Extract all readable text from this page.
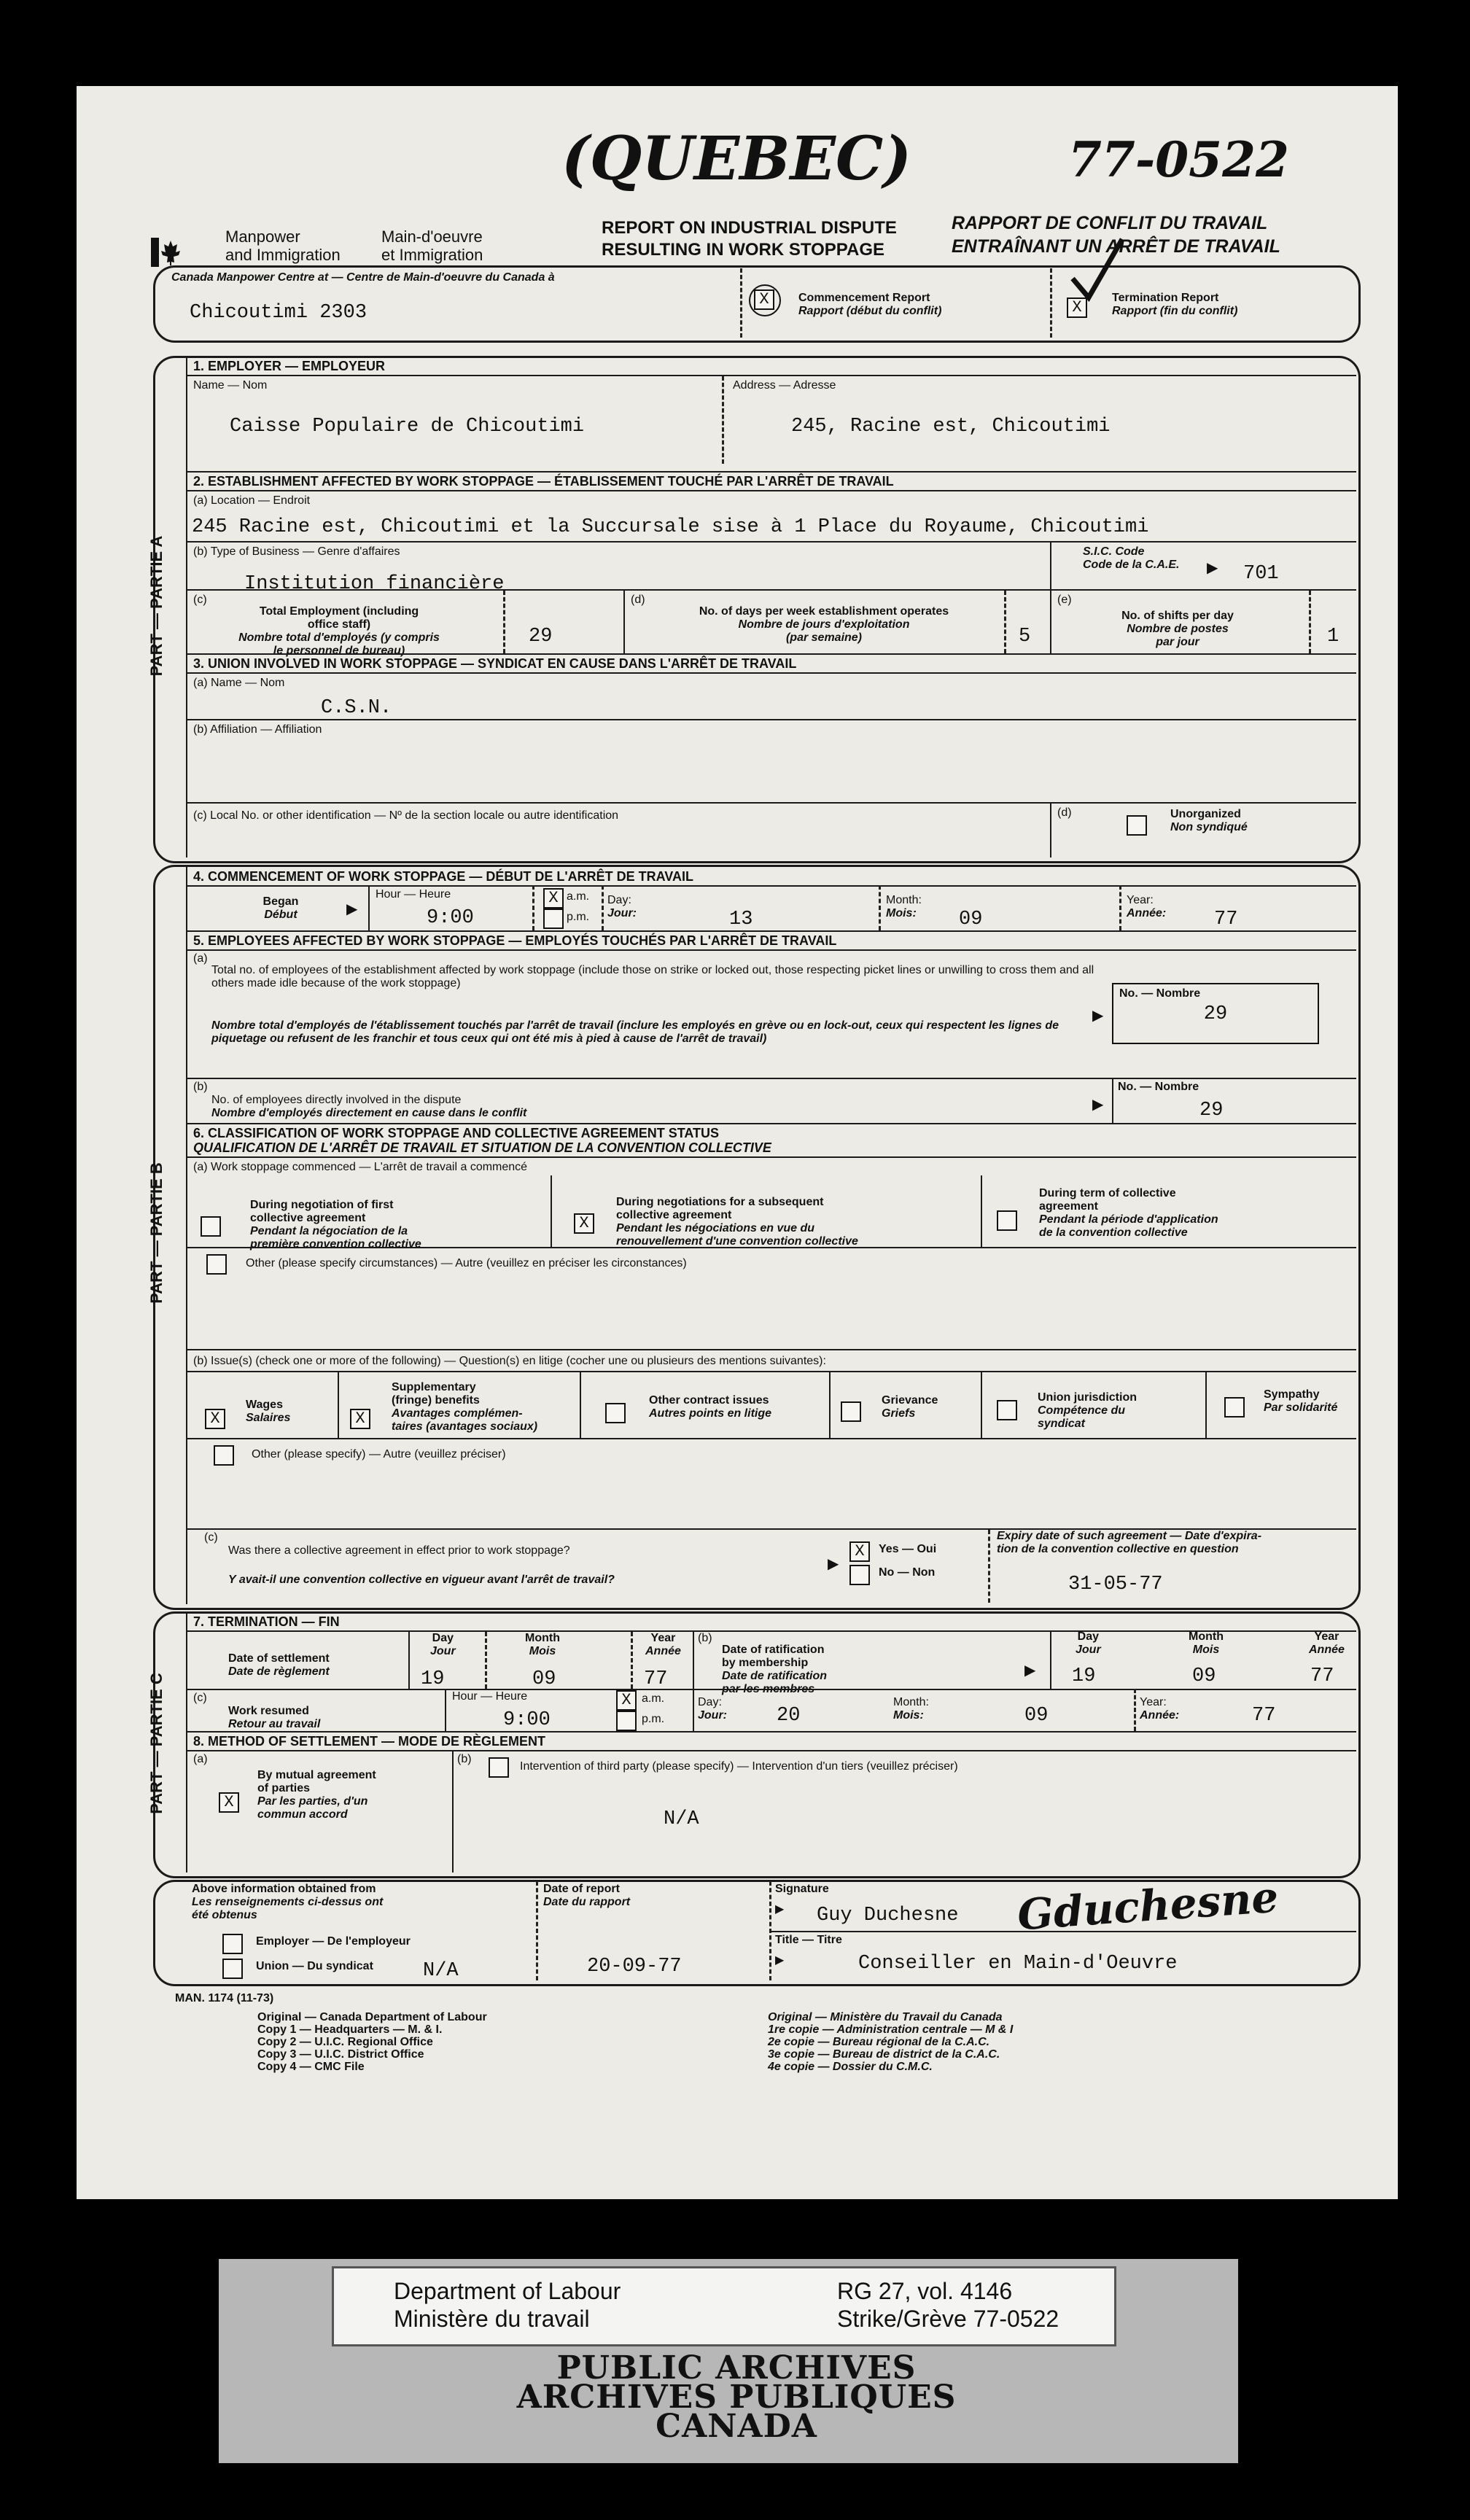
(QUEBEC)	77-0522
Manpower
and Immigration
Main-d'oeuvre
et Immigration
REPORT ON INDUSTRIAL DISPUTE
RESULTING IN WORK STOPPAGE
RAPPORT DE CONFLIT DU TRAVAIL
ENTRAÎNANT UN ARRÊT DE TRAVAIL
Canada Manpower Centre at — Centre de Main-d'oeuvre du Canada à
Chicoutimi 2303
X	Commencement Report
Rapport (début du conflit)	X
Termination Report
Rapport (fin du conflit)
PART — PARTIE A
1. EMPLOYER — EMPLOYEUR
Name — Nom
Caisse Populaire de Chicoutimi
Address — Adresse
245, Racine est, Chicoutimi
2. ESTABLISHMENT AFFECTED BY WORK STOPPAGE — ÉTABLISSEMENT TOUCHÉ PAR L'ARRÊT DE TRAVAIL
(a) Location — Endroit
245 Racine est, Chicoutimi et la Succursale sise à 1 Place du Royaume, Chicoutimi
(b) Type of Business — Genre d'affaires
Institution financière
S.I.C. Code
Code de la C.A.E. ▶ 701
(c)
Total Employment (including
office staff)
Nombre total d'employés (y compris
le personnel de bureau)
29
(d)
No. of days per week establishment operates
Nombre de jours d'exploitation
(par semaine)	5
(e)
No. of shifts per day
Nombre de postes
par jour	1
3. UNION INVOLVED IN WORK STOPPAGE — SYNDICAT EN CAUSE DANS L'ARRÊT DE TRAVAIL
(a) Name — Nom
C.S.N.
(b) Affiliation — Affiliation
(c) Local No. or other identification — Nº de la section locale ou autre identification	(d)	Unorganized
Non syndiqué
PART — PARTIE B
4. COMMENCEMENT OF WORK STOPPAGE — DÉBUT DE L'ARRÊT DE TRAVAIL
Began
Début	▶
Hour — Heure
9:00
X a.m.
p.m.
Day:
Jour:	13
Month:
Mois: 09
Year:
Année: 77
5. EMPLOYEES AFFECTED BY WORK STOPPAGE — EMPLOYÉS TOUCHÉS PAR L'ARRÊT DE TRAVAIL
(a)
Total no. of employees of the establishment affected by work stoppage (include those on strike or locked out, those respecting picket lines or unwilling to cross them and all others made idle because of the work stoppage)
Nombre total d'employés de l'établissement touchés par l'arrêt de travail (inclure les employés en grève ou en lock-out, ceux qui respectent les lignes de piquetage ou refusent de les franchir et tous ceux qui ont été mis à pied à cause de l'arrêt de travail)
▶
No. — Nombre
29
(b)
No. of employees directly involved in the dispute
Nombre d'employés directement en cause dans le conflit
▶
No. — Nombre
29
6. CLASSIFICATION OF WORK STOPPAGE AND COLLECTIVE AGREEMENT STATUS
QUALIFICATION DE L'ARRÊT DE TRAVAIL ET SITUATION DE LA CONVENTION COLLECTIVE
(a) Work stoppage commenced — L'arrêt de travail a commencé
During negotiation of first
collective agreement
Pendant la négociation de la
première convention collective
X
During negotiations for a subsequent
collective agreement
Pendant les négociations en vue du
renouvellement d'une convention collective
During term of collective
agreement
Pendant la période d'application
de la convention collective
Other (please specify circumstances) — Autre (veuillez en préciser les circonstances)
(b) Issue(s) (check one or more of the following) — Question(s) en litige (cocher une ou plusieurs des mentions suivantes):
X
Wages
Salaires	X
Supplementary
(fringe) benefits
Avantages complémen-
taires (avantages sociaux)
Other contract issues
Autres points en litige
Grievance
Griefs
Union jurisdiction
Compétence du
syndicat
Sympathy
Par solidarité
Other (please specify) — Autre (veuillez préciser)
(c)
Was there a collective agreement in effect prior to work stoppage?
Y avait-il une convention collective en vigueur avant l'arrêt de travail?
▶
X	Yes — Oui
No — Non
Expiry date of such agreement — Date d'expira-
tion de la convention collective en question
31-05-77
PART — PARTIE C
7. TERMINATION — FIN
Date of settlement
Date de règlement
Day
Jour
19
Month
Mois
09
Year
Année
77
(b)
Date of ratification
by membership
Date de ratification
par les membres
▶
Day
Jour
19
Month
Mois
09
Year
Année
77
(c)
Work resumed
Retour au travail
Hour — Heure
9:00
X a.m.
p.m.
Day:
Jour:	20
Month:
Mois:	09
Year:
Année:	77
8. METHOD OF SETTLEMENT — MODE DE RÈGLEMENT
(a)
X
By mutual agreement
of parties
Par les parties, d'un
commun accord
(b)
Intervention of third party (please specify) — Intervention d'un tiers (veuillez préciser)
N/A
Above information obtained from
Les renseignements ci-dessus ont
été obtenus
Employer — De l'employeur
Union — Du syndicat	N/A
Date of report
Date du rapport
20-09-77
Signature
▶ Guy Duchesne Gduchesne
Title — Titre
▶	Conseiller en Main-d'Oeuvre
MAN. 1174 (11-73)
Original — Canada Department of Labour
Copy 1 — Headquarters — M. & I.
Copy 2 — U.I.C. Regional Office
Copy 3 — U.I.C. District Office
Copy 4 — CMC File
Original — Ministère du Travail du Canada
1re copie — Administration centrale — M & I
2e copie — Bureau régional de la C.A.C.
3e copie — Bureau de district de la C.A.C.
4e copie — Dossier du C.M.C.
Department of Labour
Ministère du travail
RG 27, vol. 4146
Strike/Grève 77-0522
PUBLIC ARCHIVES
ARCHIVES PUBLIQUES
CANADA
